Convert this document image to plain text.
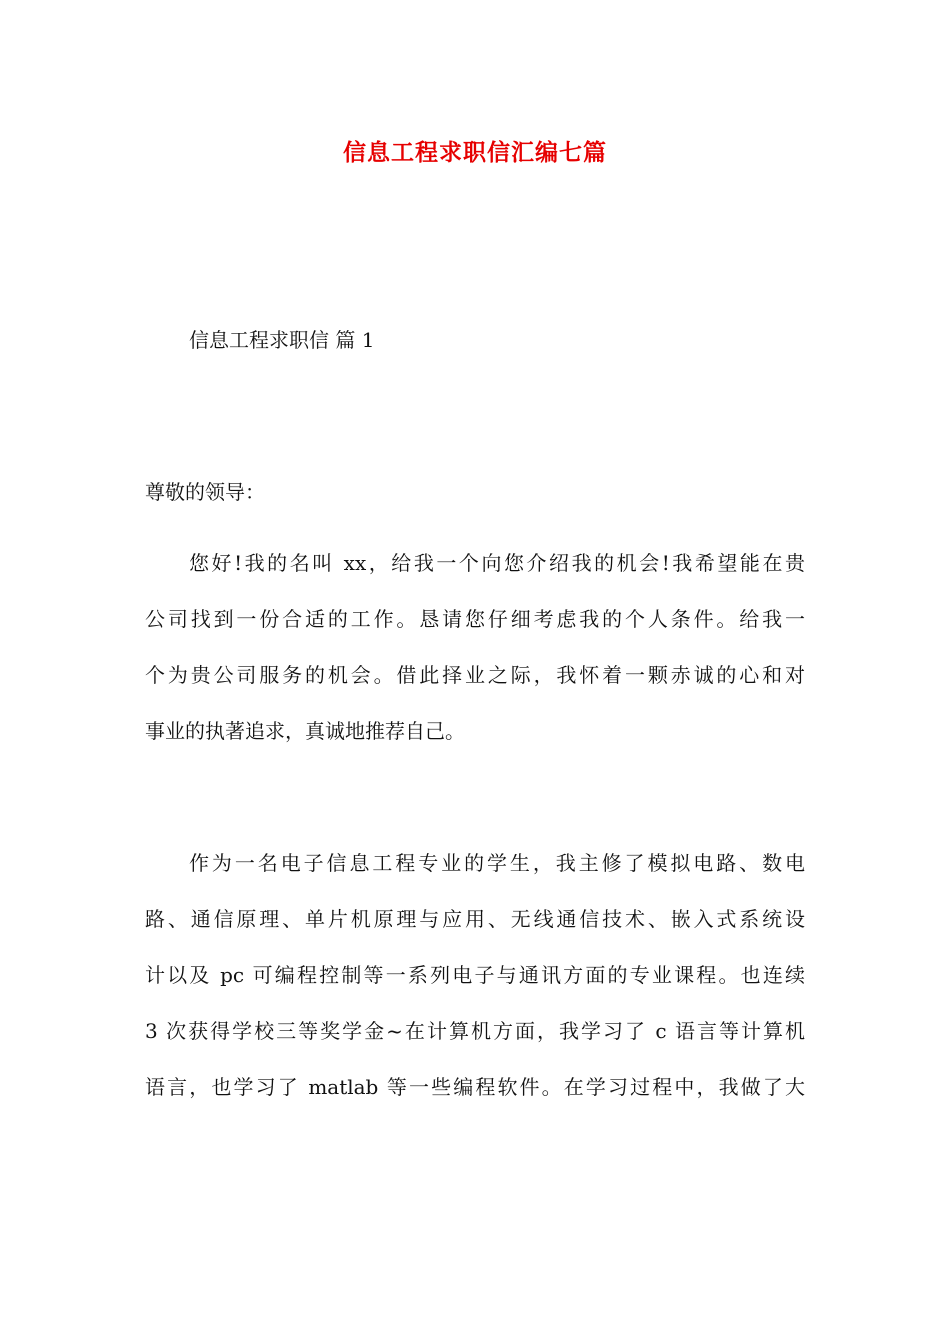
信息工程求职信汇编七篇
信息工程求职信 篇 1
尊敬的领导：
您好!我的名叫 xx，给我一个向您介绍我的机会!我希望能在贵
公司找到一份合适的工作。恳请您仔细考虑我的个人条件。给我一
个为贵公司服务的机会。借此择业之际，我怀着一颗赤诚的心和对
事业的执著追求，真诚地推荐自己。
作为一名电子信息工程专业的学生，我主修了模拟电路、数电
路、通信原理、单片机原理与应用、无线通信技术、嵌入式系统设
计以及 pc 可编程控制等一系列电子与通讯方面的专业课程。也连续
3 次获得学校三等奖学金~在计算机方面，我学习了 c 语言等计算机
语言，也学习了 matlab 等一些编程软件。在学习过程中，我做了大
